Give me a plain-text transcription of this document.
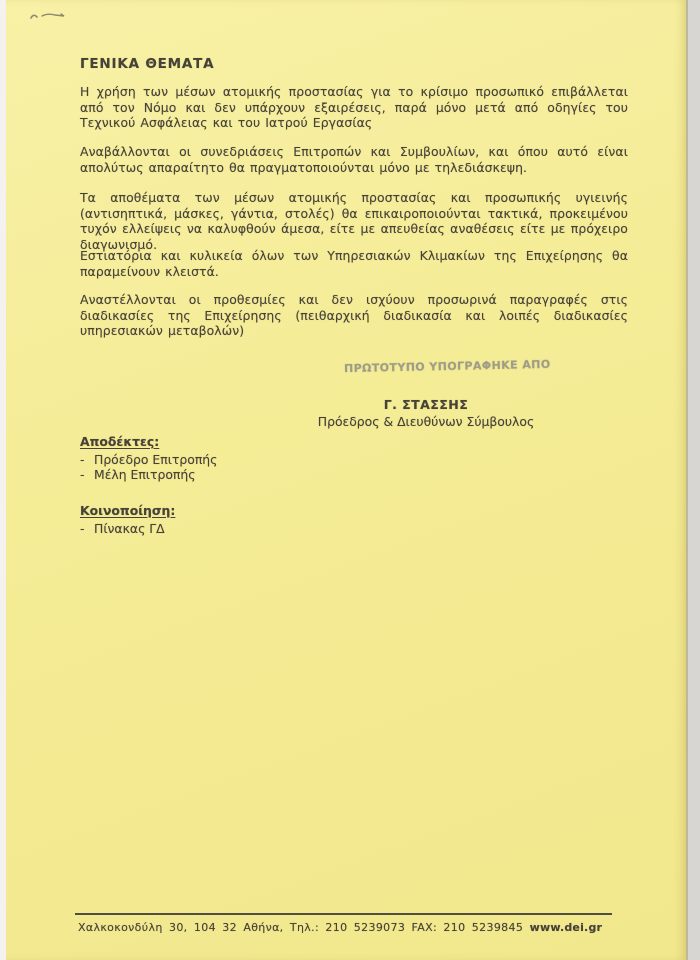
ΓΕΝΙΚΑ ΘΕΜΑΤΑ

Η χρήση των μέσων ατομικής προστασίας για το κρίσιμο προσωπικό επιβάλλεται από τον Νόμο και δεν υπάρχουν εξαιρέσεις, παρά μόνο μετά από οδηγίες του Τεχνικού Ασφάλειας και του Ιατρού Εργασίας

Αναβάλλονται οι συνεδριάσεις Επιτροπών και Συμβουλίων, και όπου αυτό είναι απολύτως απαραίτητο θα πραγματοποιούνται μόνο με τηλεδιάσκεψη.

Τα αποθέματα των μέσων ατομικής προστασίας και προσωπικής υγιεινής (αντισηπτικά, μάσκες, γάντια, στολές) θα επικαιροποιούνται τακτικά, προκειμένου τυχόν ελλείψεις να καλυφθούν άμεσα, είτε με απευθείας αναθέσεις είτε με πρόχειρο διαγωνισμό.

Εστιατόρια και κυλικεία όλων των Υπηρεσιακών Κλιμακίων της Επιχείρησης θα παραμείνουν κλειστά.

Αναστέλλονται οι προθεσμίες και δεν ισχύουν προσωρινά παραγραφές στις διαδικασίες της Επιχείρησης (πειθαρχική διαδικασία και λοιπές διαδικασίες υπηρεσιακών μεταβολών)

ΠΡΩΤΟΤΥΠΟ ΥΠΟΓΡΑΦΗΚΕ ΑΠΟ
Γ. ΣΤΑΣΣΗΣ
Πρόεδρος & Διευθύνων Σύμβουλος
Αποδέκτες:
- Πρόεδρο Επιτροπής
- Μέλη Επιτροπής
Κοινοποίηση:
- Πίνακας ΓΔ
Χαλκοκονδύλη 30, 104 32 Αθήνα, Τηλ.: 210 5239073 FAX: 210 5239845 www.dei.gr
